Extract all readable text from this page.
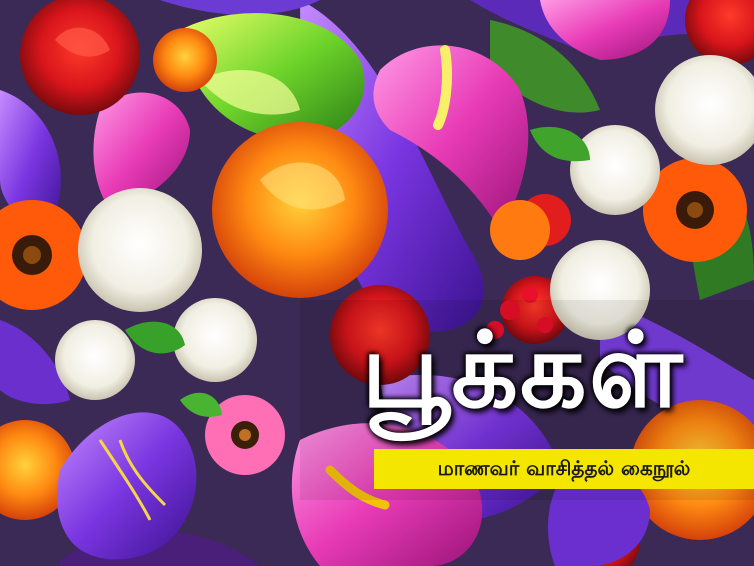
பூக்கள்
மாணவர் வாசித்தல் கைநூல்
